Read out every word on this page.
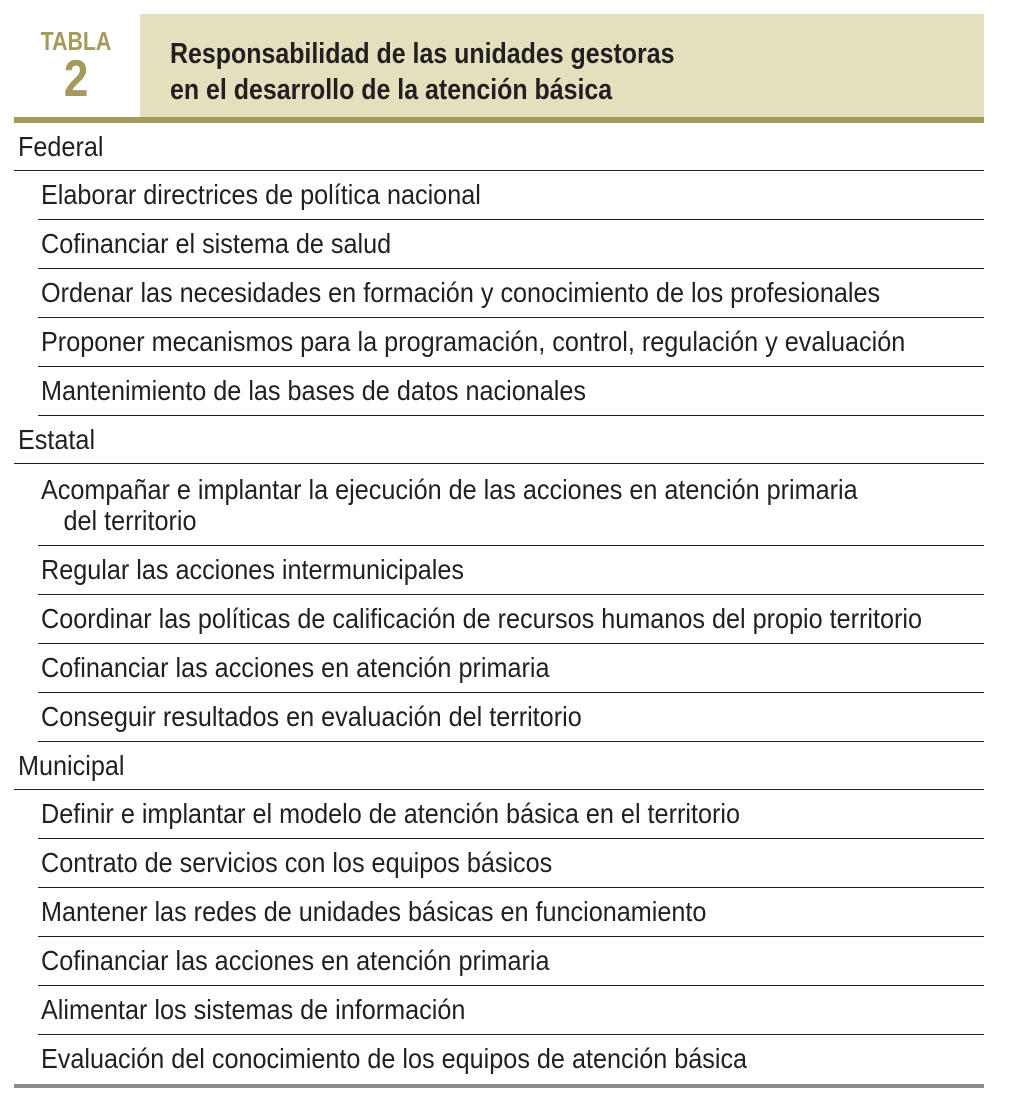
TABLA
2	Responsabilidad de las unidades gestoras
en el desarrollo de la atención básica
Federal
Elaborar directrices de política nacional
Cofinanciar el sistema de salud
Ordenar las necesidades en formación y conocimiento de los profesionales
Proponer mecanismos para la programación, control, regulación y evaluación
Mantenimiento de las bases de datos nacionales
Estatal
Acompañar e implantar la ejecución de las acciones en atención primaria
del territorio
Regular las acciones intermunicipales
Coordinar las políticas de calificación de recursos humanos del propio territorio
Cofinanciar las acciones en atención primaria
Conseguir resultados en evaluación del territorio
Municipal
Definir e implantar el modelo de atención básica en el territorio
Contrato de servicios con los equipos básicos
Mantener las redes de unidades básicas en funcionamiento
Cofinanciar las acciones en atención primaria
Alimentar los sistemas de información
Evaluación del conocimiento de los equipos de atención básica
